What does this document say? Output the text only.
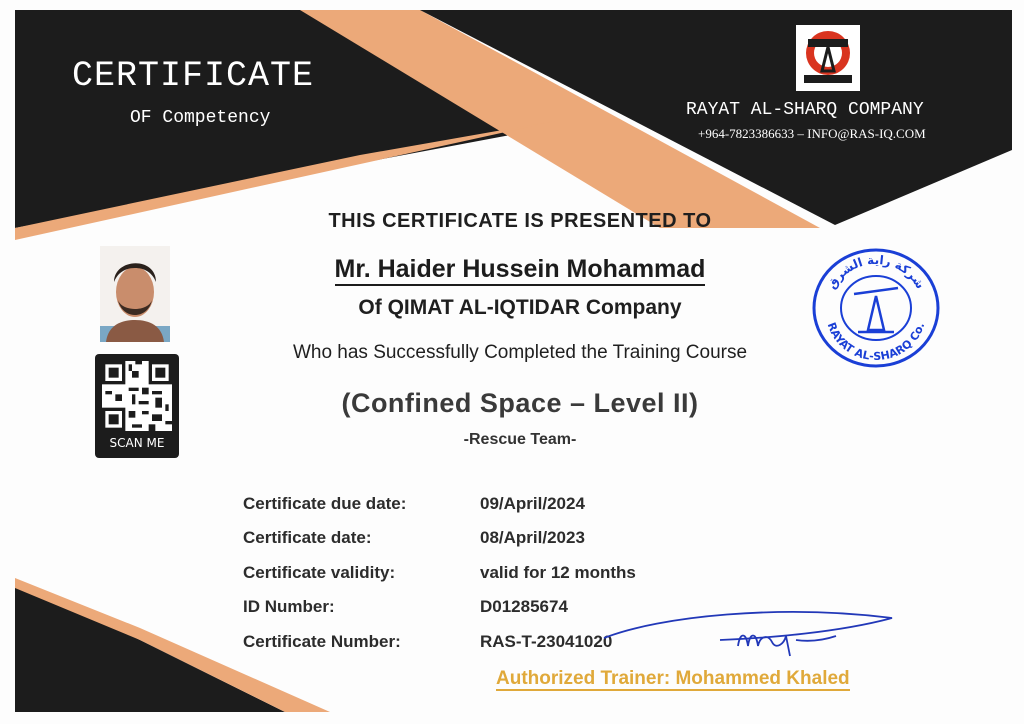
CERTIFICATE
OF Competency	RAYAT AL-SHARQ COMPANY
+964-7823386633 – INFO@RAS-IQ.COM
THIS CERTIFICATE IS PRESENTED TO
Mr. Haider Hussein Mohammad
Of QIMAT AL-IQTIDAR Company
Who has Successfully Completed the Training Course
(Confined Space – Level II)
-Rescue Team-
SCAN ME
شركة راية الشرق
RAYAT AL-SHARQ Co.
Certificate due date:	09/April/2024
Certificate date:	08/April/2023
Certificate validity:	valid for 12 months
ID Number:	D01285674
Certificate Number:	RAS-T-23041020
Authorized Trainer: Mohammed Khaled
